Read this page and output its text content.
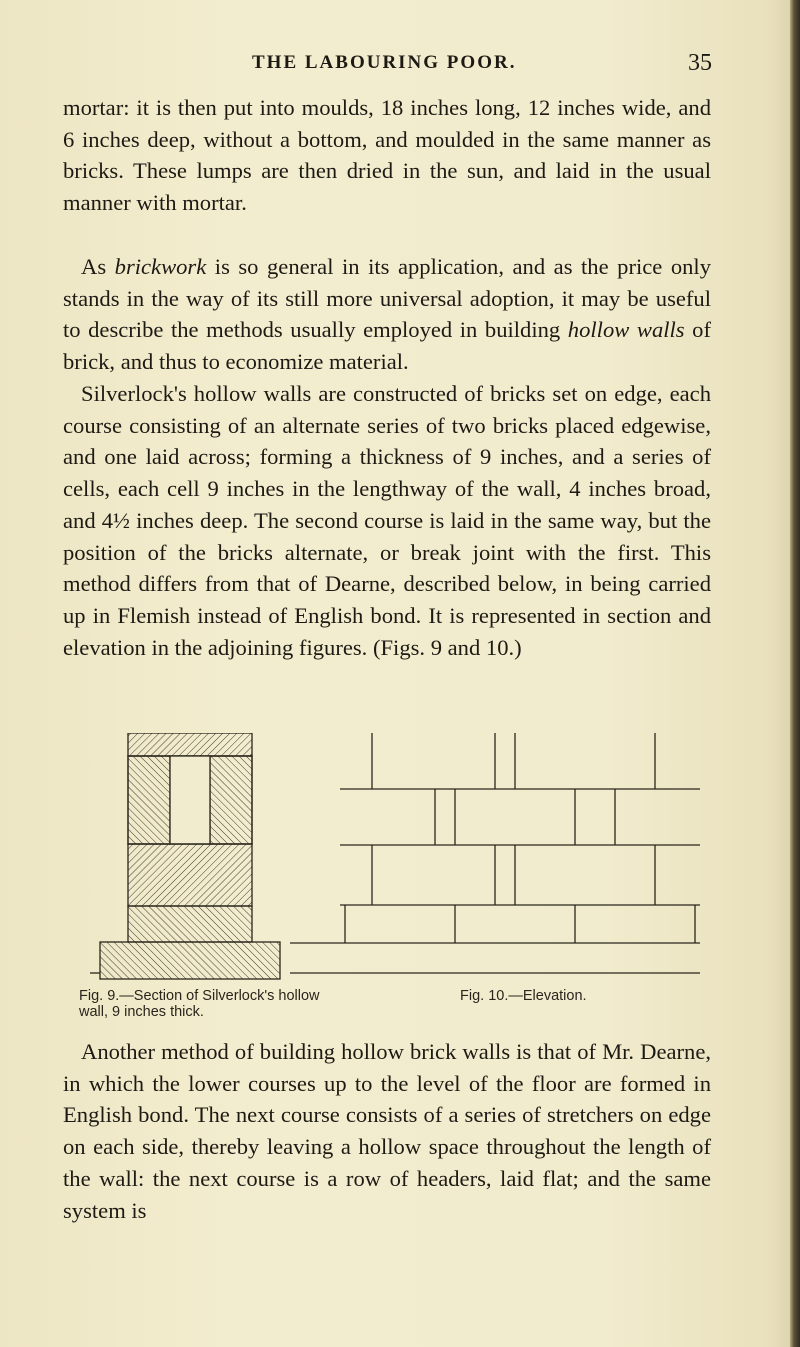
THE LABOURING POOR.	35

mortar: it is then put into moulds, 18 inches long, 12 inches wide, and 6 inches deep, without a bottom, and moulded in the same manner as bricks. These lumps are then dried in the sun, and laid in the usual manner with mortar.

As brickwork is so general in its application, and as the price only stands in the way of its still more universal adoption, it may be useful to describe the methods usually employed in building hollow walls of brick, and thus to economize material.

Silverlock's hollow walls are constructed of bricks set on edge, each course consisting of an alternate series of two bricks placed edgewise, and one laid across; forming a thickness of 9 inches, and a series of cells, each cell 9 inches in the lengthway of the wall, 4 inches broad, and 4½ inches deep. The second course is laid in the same way, but the position of the bricks alternate, or break joint with the first. This method differs from that of Dearne, described below, in being carried up in Flemish instead of English bond. It is represented in section and elevation in the adjoining figures. (Figs. 9 and 10.)

Fig. 9.—Section of Silverlock's hollow wall, 9 inches thick.
Fig. 10.—Elevation.

Another method of building hollow brick walls is that of Mr. Dearne, in which the lower courses up to the level of the floor are formed in English bond. The next course consists of a series of stretchers on edge on each side, thereby leaving a hollow space throughout the length of the wall: the next course is a row of headers, laid flat; and the same system is
